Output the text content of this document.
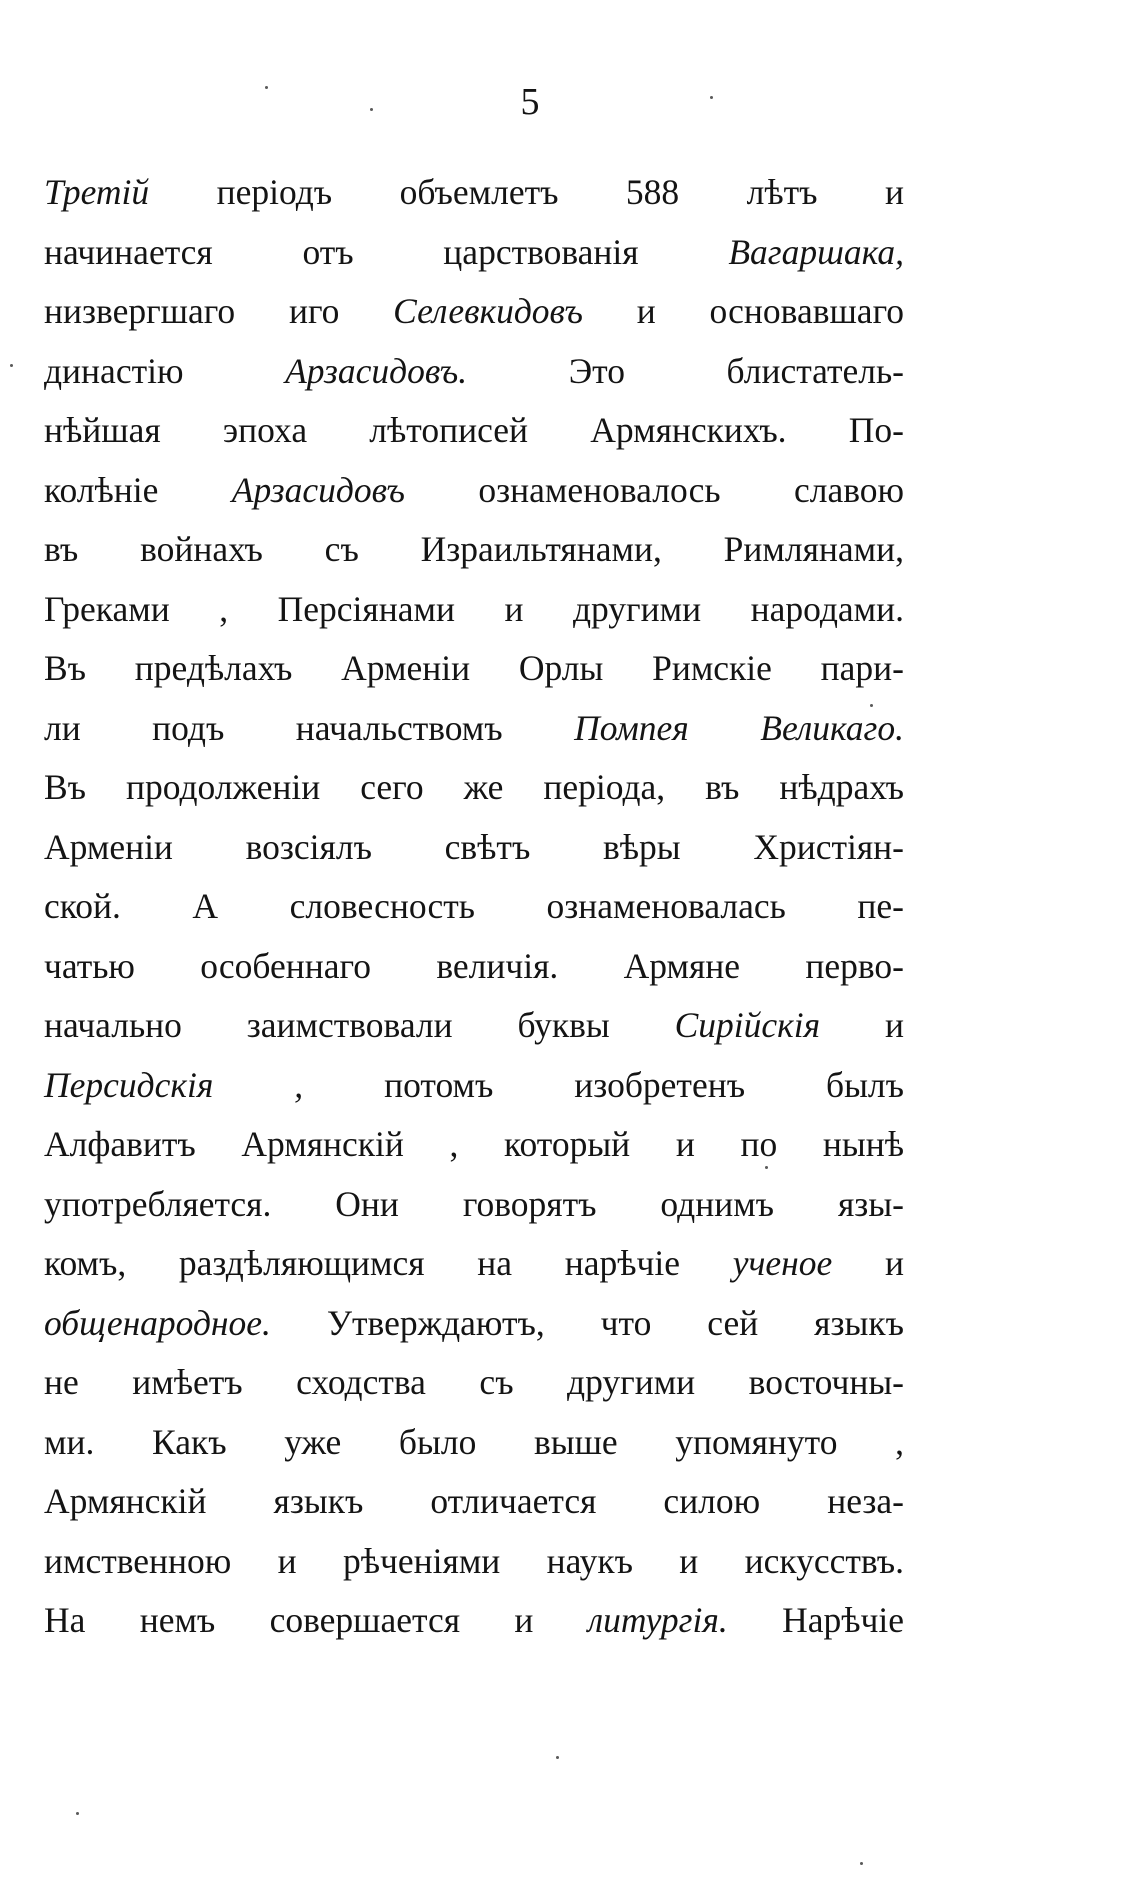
5
Третій періодъ объемлетъ 588 лѣтъ и
начинается отъ царствованія Вагаршака,
низвергшаго иго Селевкидовъ и основавшаго
династію Арзасидовъ. Это блистатель-
нѣйшая эпоха лѣтописей Армянскихъ. По-
колѣніе Арзасидовъ ознаменовалось славою
въ войнахъ съ Израильтянами, Римлянами,
Греками , Персіянами и другими народами.
Въ предѣлахъ Арменіи Орлы Римскіе пари-
ли подъ начальствомъ Помпея Великаго.
Въ продолженіи сего же періода, въ нѣдрахъ
Арменіи возсіялъ свѣтъ вѣры Христіян-
ской. А словесность ознаменовалась пе-
чатью особеннаго величія. Армяне перво-
начально заимствовали буквы Сирійскія и
Персидскія , потомъ изобретенъ былъ
Алфавитъ Армянскій , который и по нынѣ
употребляется. Они говорятъ однимъ язы-
комъ, раздѣляющимся на нарѣчіе ученое и
общенародное. Утверждаютъ, что сей языкъ
не имѣетъ сходства съ другими восточны-
ми. Какъ уже было выше упомянуто ,
Армянскій языкъ отличается силою неза-
имственною и рѣченіями наукъ и искусствъ.
На немъ совершается и литургія. Нарѣчіе
